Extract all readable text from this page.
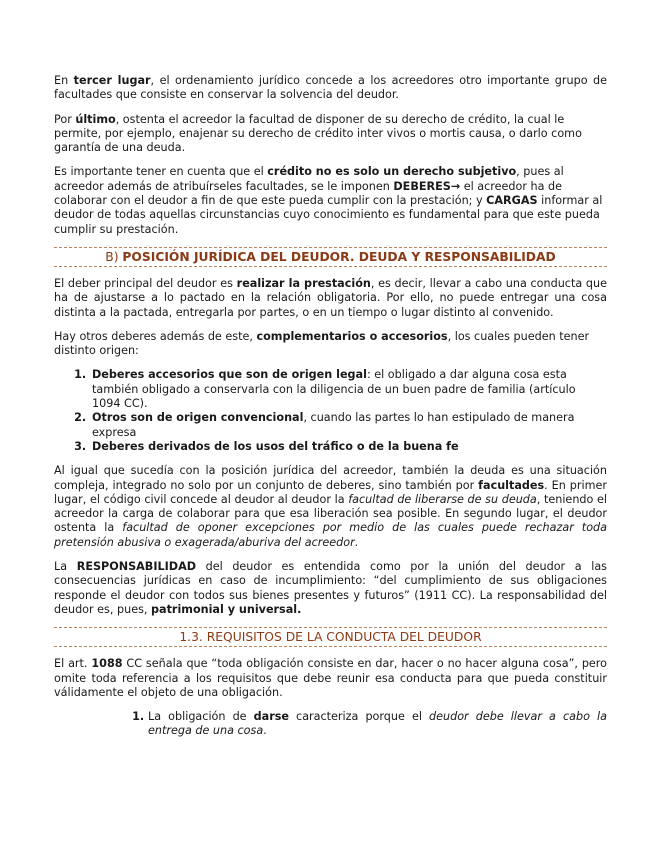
En tercer lugar, el ordenamiento jurídico concede a los acreedores otro importante grupo de facultades que consiste en conservar la solvencia del deudor.

Por último, ostenta el acreedor la facultad de disponer de su derecho de crédito, la cual le permite, por ejemplo, enajenar su derecho de crédito inter vivos o mortis causa, o darlo como garantía de una deuda.

Es importante tener en cuenta que el crédito no es solo un derecho subjetivo, pues al acreedor además de atribuírseles facultades, se le imponen DEBERES→ el acreedor ha de colaborar con el deudor a fin de que este pueda cumplir con la prestación; y CARGAS informar al deudor de todas aquellas circunstancias cuyo conocimiento es fundamental para que este pueda cumplir su prestación.

B) POSICIÓN JURÍDICA DEL DEUDOR. DEUDA Y RESPONSABILIDAD

El deber principal del deudor es realizar la prestación, es decir, llevar a cabo una conducta que ha de ajustarse a lo pactado en la relación obligatoria. Por ello, no puede entregar una cosa distinta a la pactada, entregarla por partes, o en un tiempo o lugar distinto al convenido.

Hay otros deberes además de este, complementarios o accesorios, los cuales pueden tener distinto origen:

1. Deberes accesorios que son de origen legal: el obligado a dar alguna cosa esta también obligado a conservarla con la diligencia de un buen padre de familia (artículo 1094 CC).
2. Otros son de origen convencional, cuando las partes lo han estipulado de manera expresa
3. Deberes derivados de los usos del tráfico o de la buena fe

Al igual que sucedía con la posición jurídica del acreedor, también la deuda es una situación compleja, integrado no solo por un conjunto de deberes, sino también por facultades. En primer lugar, el código civil concede al deudor al deudor la facultad de liberarse de su deuda, teniendo el acreedor la carga de colaborar para que esa liberación sea posible. En segundo lugar, el deudor ostenta la facultad de oponer excepciones por medio de las cuales puede rechazar toda pretensión abusiva o exagerada/aburiva del acreedor.

La RESPONSABILIDAD del deudor es entendida como por la unión del deudor a las consecuencias jurídicas en caso de incumplimiento: “del cumplimiento de sus obligaciones responde el deudor con todos sus bienes presentes y futuros” (1911 CC). La responsabilidad del deudor es, pues, patrimonial y universal.

1.3. REQUISITOS DE LA CONDUCTA DEL DEUDOR

El art. 1088 CC señala que “toda obligación consiste en dar, hacer o no hacer alguna cosa”, pero omite toda referencia a los requisitos que debe reunir esa conducta para que pueda constituir válidamente el objeto de una obligación.

1. La obligación de darse caracteriza porque el deudor debe llevar a cabo la entrega de una cosa.
